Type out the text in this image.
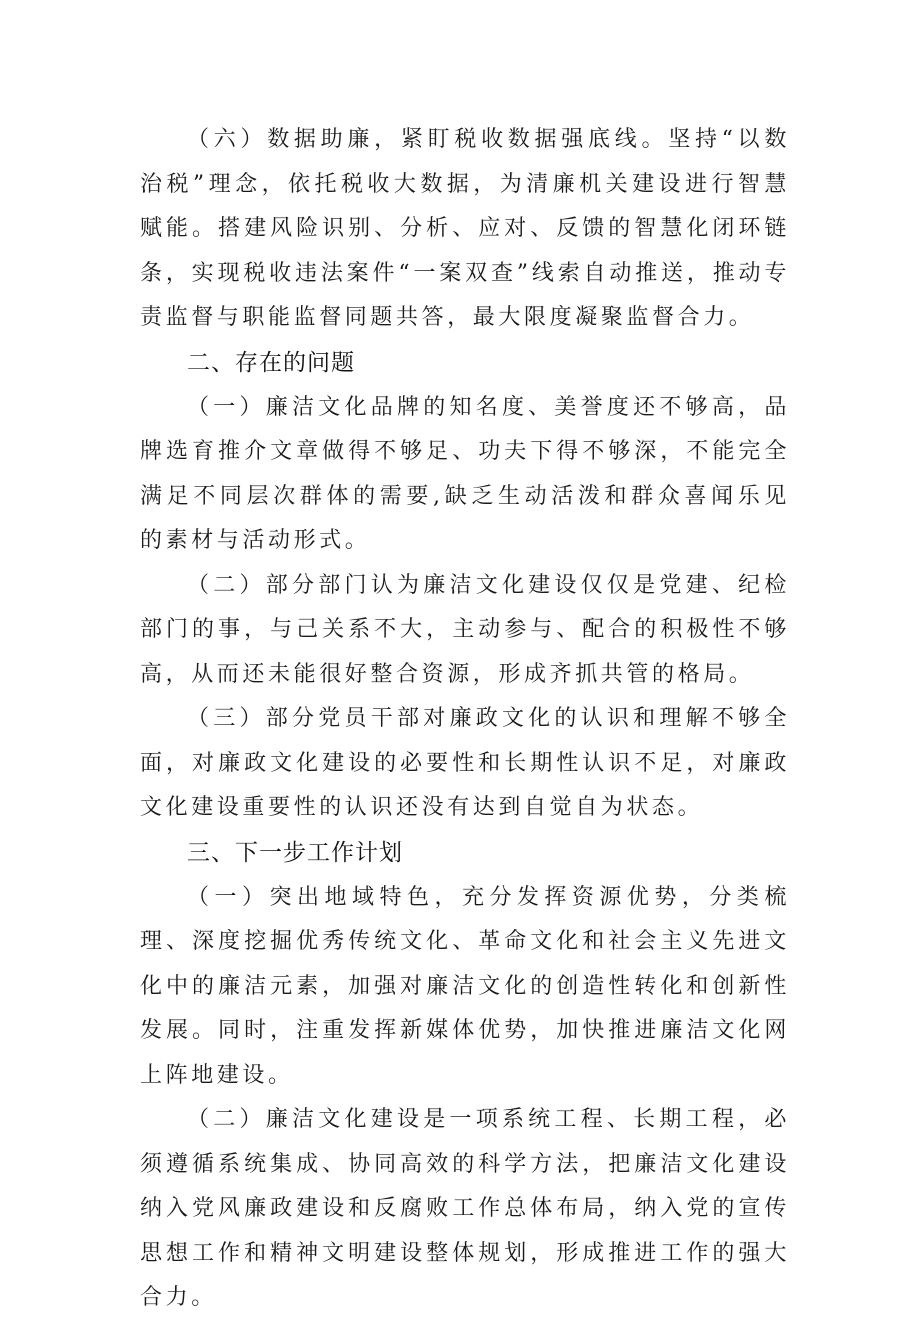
（六）数据助廉，紧盯税收数据强底线。坚持“以数治税”理念，依托税收大数据，为清廉机关建设进行智慧赋能。搭建风险识别、分析、应对、反馈的智慧化闭环链条，实现税收违法案件“一案双查”线索自动推送，推动专责监督与职能监督同题共答，最大限度凝聚监督合力。

二、存在的问题

（一）廉洁文化品牌的知名度、美誉度还不够高，品牌选育推介文章做得不够足、功夫下得不够深，不能完全满足不同层次群体的需要,缺乏生动活泼和群众喜闻乐见的素材与活动形式。

（二）部分部门认为廉洁文化建设仅仅是党建、纪检部门的事，与己关系不大，主动参与、配合的积极性不够高，从而还未能很好整合资源，形成齐抓共管的格局。

（三）部分党员干部对廉政文化的认识和理解不够全面，对廉政文化建设的必要性和长期性认识不足，对廉政文化建设重要性的认识还没有达到自觉自为状态。

三、下一步工作计划

（一）突出地域特色，充分发挥资源优势，分类梳理、深度挖掘优秀传统文化、革命文化和社会主义先进文化中的廉洁元素，加强对廉洁文化的创造性转化和创新性发展。同时，注重发挥新媒体优势，加快推进廉洁文化网上阵地建设。

（二）廉洁文化建设是一项系统工程、长期工程，必须遵循系统集成、协同高效的科学方法，把廉洁文化建设纳入党风廉政建设和反腐败工作总体布局，纳入党的宣传思想工作和精神文明建设整体规划，形成推进工作的强大合力。
